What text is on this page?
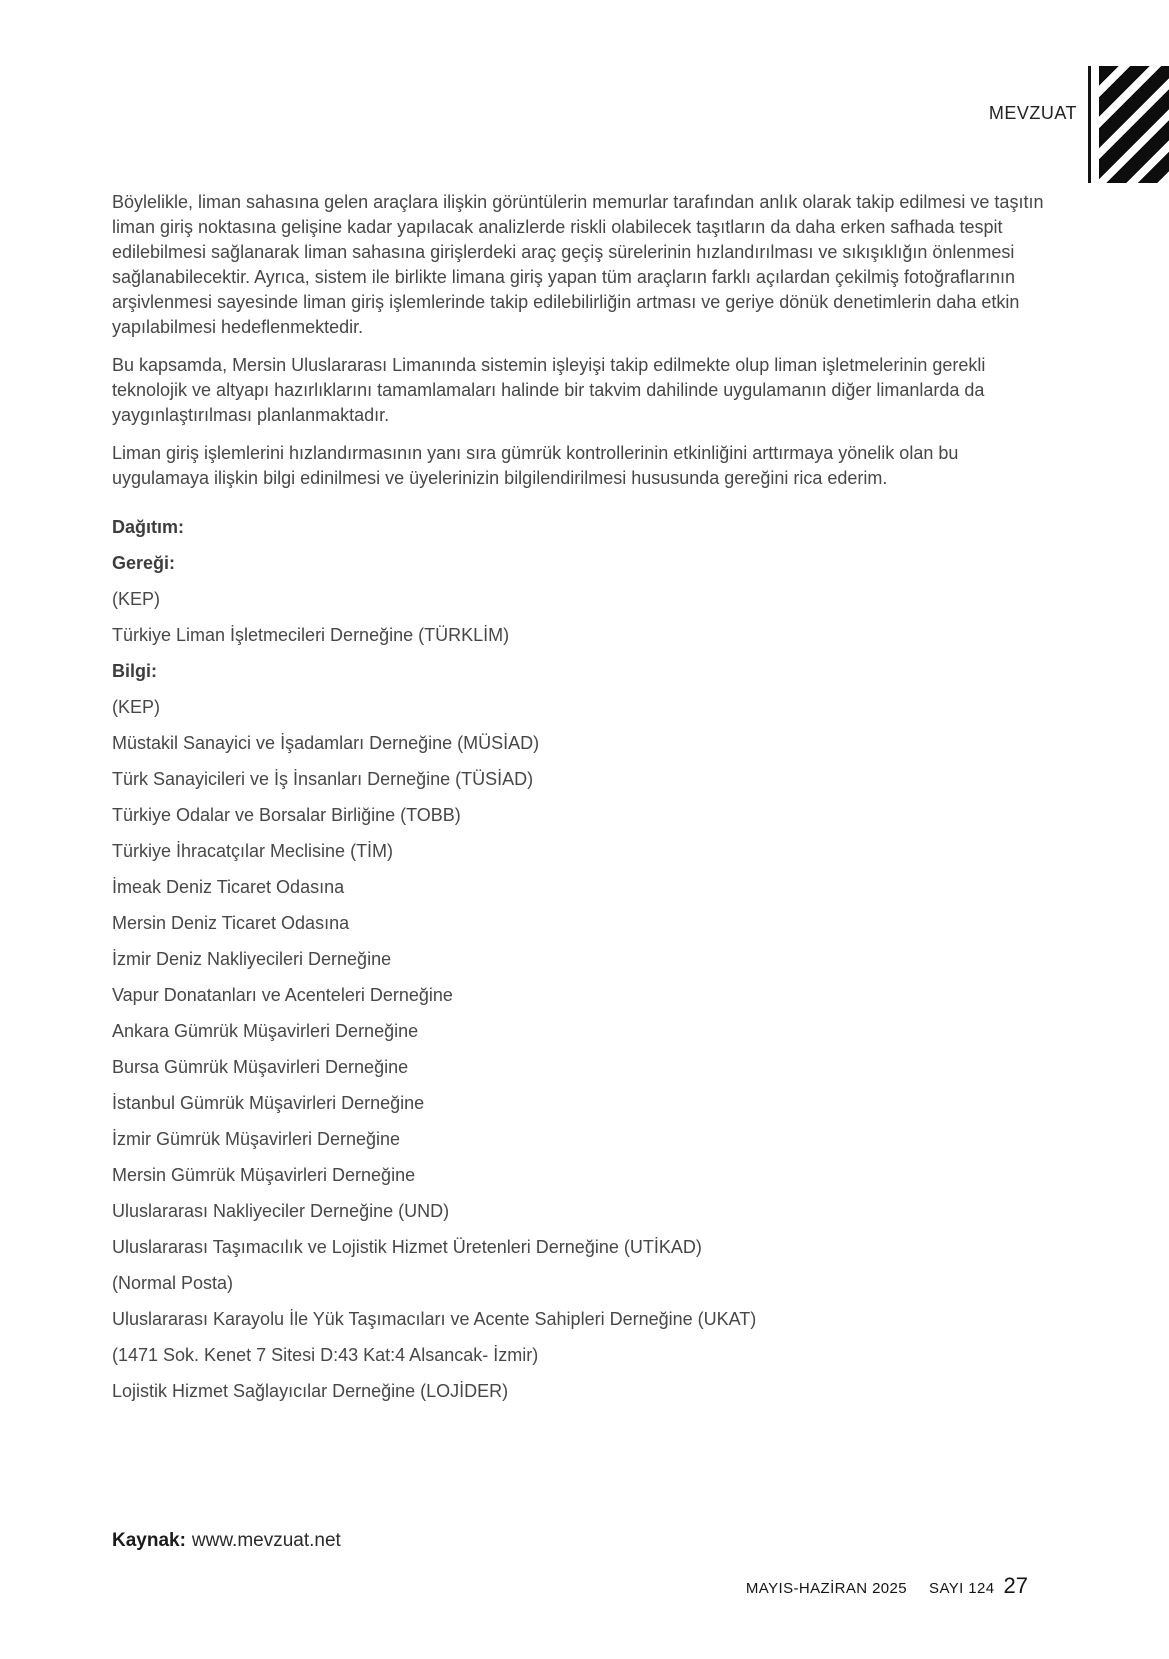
MEVZUAT

Böylelikle, liman sahasına gelen araçlara ilişkin görüntülerin memurlar tarafından anlık olarak takip edilmesi ve taşıtın liman giriş noktasına gelişine kadar yapılacak analizlerde riskli olabilecek taşıtların da daha erken safhada tespit edilebilmesi sağlanarak liman sahasına girişlerdeki araç geçiş sürelerinin hızlandırılması ve sıkışıklığın önlenmesi sağlanabilecektir. Ayrıca, sistem ile birlikte limana giriş yapan tüm araçların farklı açılardan çekilmiş fotoğraflarının arşivlenmesi sayesinde liman giriş işlemlerinde takip edilebilirliğin artması ve geriye dönük denetimlerin daha etkin yapılabilmesi hedeflenmektedir.

Bu kapsamda, Mersin Uluslararası Limanında sistemin işleyişi takip edilmekte olup liman işletmelerinin gerekli teknolojik ve altyapı hazırlıklarını tamamlamaları halinde bir takvim dahilinde uygulamanın diğer limanlarda da yaygınlaştırılması planlanmaktadır.

Liman giriş işlemlerini hızlandırmasının yanı sıra gümrük kontrollerinin etkinliğini arttırmaya yönelik olan bu uygulamaya ilişkin bilgi edinilmesi ve üyelerinizin bilgilendirilmesi hususunda gereğini rica ederim.

Dağıtım:
Gereği:
(KEP)
Türkiye Liman İşletmecileri Derneğine (TÜRKLİM)
Bilgi:
(KEP)
Müstakil Sanayici ve İşadamları Derneğine (MÜSİAD)
Türk Sanayicileri ve İş İnsanları Derneğine (TÜSİAD)
Türkiye Odalar ve Borsalar Birliğine (TOBB)
Türkiye İhracatçılar Meclisine (TİM)
İmeak Deniz Ticaret Odasına
Mersin Deniz Ticaret Odasına
İzmir Deniz Nakliyecileri Derneğine
Vapur Donatanları ve Acenteleri Derneğine
Ankara Gümrük Müşavirleri Derneğine
Bursa Gümrük Müşavirleri Derneğine
İstanbul Gümrük Müşavirleri Derneğine
İzmir Gümrük Müşavirleri Derneğine
Mersin Gümrük Müşavirleri Derneğine
Uluslararası Nakliyeciler Derneğine (UND)
Uluslararası Taşımacılık ve Lojistik Hizmet Üretenleri Derneğine (UTİKAD)
(Normal Posta)
Uluslararası Karayolu İle Yük Taşımacıları ve Acente Sahipleri Derneğine (UKAT)
(1471 Sok. Kenet 7 Sitesi D:43 Kat:4 Alsancak- İzmir)
Lojistik Hizmet Sağlayıcılar Derneğine (LOJİDER)
Kaynak: www.mevzuat.net
MAYIS-HAZİRAN 2025 SAYI 124 27
